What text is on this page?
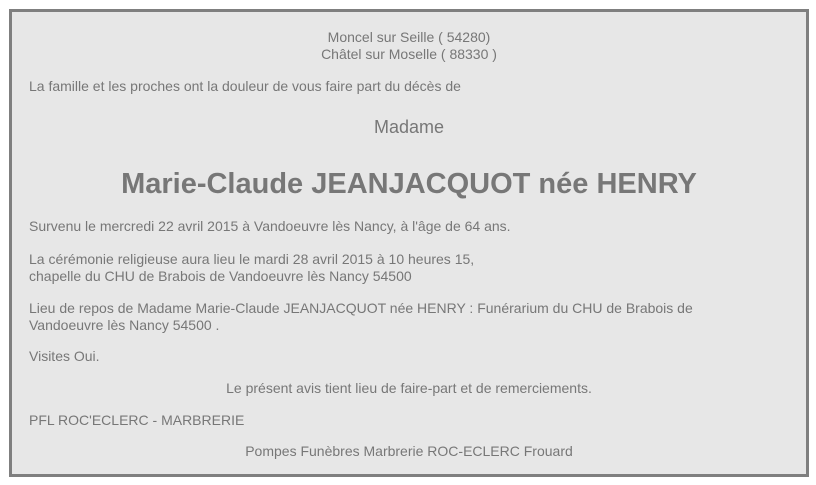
Moncel sur Seille ( 54280)
Châtel sur Moselle ( 88330 )
La famille et les proches ont la douleur de vous faire part du décès de
Madame
Marie-Claude JEANJACQUOT née HENRY
Survenu le mercredi 22 avril 2015 à Vandoeuvre lès Nancy, à l'âge de 64 ans.
La cérémonie religieuse aura lieu le mardi 28 avril 2015 à 10 heures 15,
chapelle du CHU de Brabois de Vandoeuvre lès Nancy 54500
Lieu de repos de Madame Marie-Claude JEANJACQUOT née HENRY : Funérarium du CHU de Brabois de
Vandoeuvre lès Nancy 54500 .
Visites Oui.
Le présent avis tient lieu de faire-part et de remerciements.
PFL ROC'ECLERC - MARBRERIE
Pompes Funèbres Marbrerie ROC-ECLERC Frouard
